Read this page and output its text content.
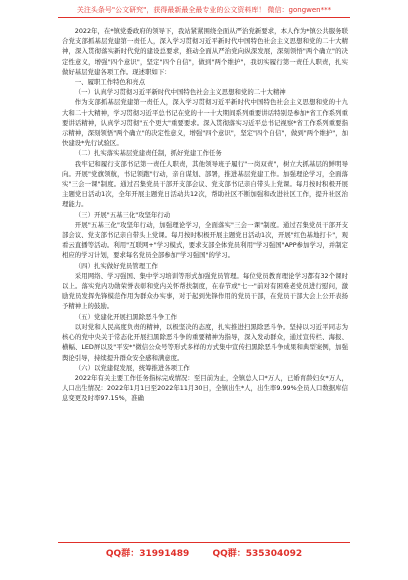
关注头条号"公文研究"，获得最新最全最专业的公文资料库！ 微信：gongwen***

2022年，在*镇党委政府的领导下，我站紧紧围绕全面从严治党新要求，本人作为*镇公共服务联合党支部抓基层党建第一责任人，深入学习贯彻习近平新时代中国特色社会主义思想和党的二十大精神，深入贯彻落实新时代党的建设总要求，推动全面从严治党向纵深发展，深刻领悟"两个确立"的决定性意义，增强"四个意识"，坚定"四个自信"，做到"两个维护"，我切实履行第一责任人职责，扎实做好基层党建各项工作。现述职如下：

一、履职工作特色和亮点

（一）认真学习贯彻习近平新时代中国特色社会主义思想和党的二十大精神

作为支部抓基层党建第一责任人，深入学习贯彻习近平新时代中国特色社会主义思想和党的十九大和二十大精神，学习贯彻习近平总书记在党的十一十大期间系列重要讲话特别是参加*省工作系列重要讲话精神，认真学习贯彻"五个更大"重要要求。深入贯彻落实习近平总书记视察*省工作系列重要指示精神，深刻领悟"两个确立"的决定性意义，增强"四个意识"，坚定"四个自信"，做到"两个维护"，加快建设*先行试验区。

（二）扎实落实基层党建责任制，抓好党建工作任务

我牢记和履行支部书记第一责任人职责，其他领导班子履行"一岗双责"，树立大抓基层的鲜明导向。开展"党旗领航，书记领跑"行动，亲自谋划、部署，推进基层党建工作。加强理论学习，全面落实"三会一课"制度。通过召集党员干部开支部会议、党支部书记亲自带头上党课。每月按时积极开展主题党日活动1次，全年开展主题党日活动共12次，帮助社区不断加强和改进社区工作，提升社区治理能力。

（三）开展"五基三化"攻坚年行动

开展"五基三化"攻坚年行动，加强理论学习，全面落实"三会一课"制度。通过召集党员干部开支部会议、党支部书记亲自带头上党课。每月按时积极开展主题党日活动1次，开展"红色基地打卡"，观看云直播等活动。利用"互联网+"学习模式，要求支部全体党员利用"学习强国"APP参加学习，并制定相应的学习计划，要求每名党员全部参加"学习强国"的学习。

（四）扎实做好党员管理工作

采用网络、学习强国、集中学习培训等形式加强党员管理。每位党员教育理论学习都有32个课时以上。落实党内功勋荣誉表彰和党内关怀帮扶制度，在春节或"七一"前对有困难老党员进行慰问，激励党员发挥先锋模范作用为群众办实事，对于起到先锋作用的党员干部，在党员干部大会上公开表扬予精神上的鼓励。

（五）党建化开展扫黑除恶斗争工作

以对党和人民高度负责的精神，以极坚决的态度，扎实推进扫黑除恶斗争。坚持以习近平同志为核心的党中央关于常态化开展扫黑除恶斗争的重要精神为指导，深入发动群众，通过宣传栏、海报、横幅、LED屏以及"平安*"微信公众号等形式多样的方式集中宣传扫黑除恶斗争成果和典型案例，加强舆论引导，持续提升群众安全感和满意度。

（六）以党建促发展，统筹推进各项工作

2022年有关主要工作任务指标完成情况：至目前为止，全镇总人口*万人，已婚育龄妇女*万人，人口出生情况：2022年1月1日至2022年11月30日，全镇出生*人，出生率9.99%全员人口数据库信息变更及时率97.15%，准确

QQ群：31991489	QQ群：535304092
